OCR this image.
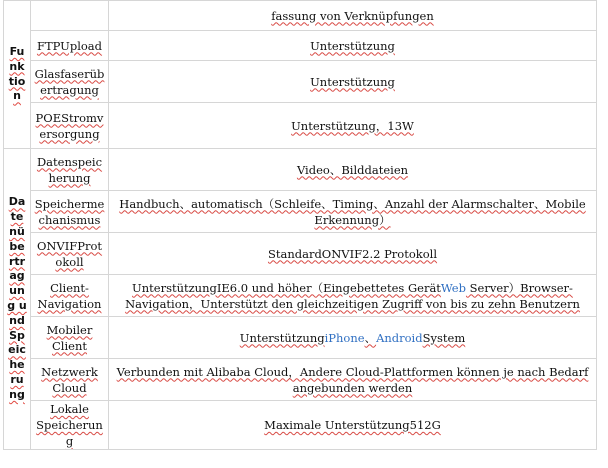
Funktion		fassung von Verknüpfungen
	FTPUpload	Unterstützung
	Glasfaserübertragung	Unterstützung
	POEStromversorgung	Unterstützung，13W
Datenübertragung und Speicherung	Datenspeicherung	Video、Bilddateien
	Speichermechanismus	Handbuch、automatisch（Schleife、Timing、Anzahl der Alarmschalter、Mobile Erkennung）
	ONVIFProtokoll	StandardONVIF2.2 Protokoll
	Client-Navigation	UnterstützungIE6.0 und höher（Eingebettetes GerätWeb Server）Browser-Navigation，Unterstützt den gleichzeitigen Zugriff von bis zu zehn Benutzern
	Mobiler Client	UnterstützungiPhone、AndroidSystem
	Netzwerk Cloud	Verbunden mit Alibaba Cloud，Andere Cloud-Plattformen können je nach Bedarf angebunden werden
	Lokale Speicherung	Maximale Unterstützung512G
